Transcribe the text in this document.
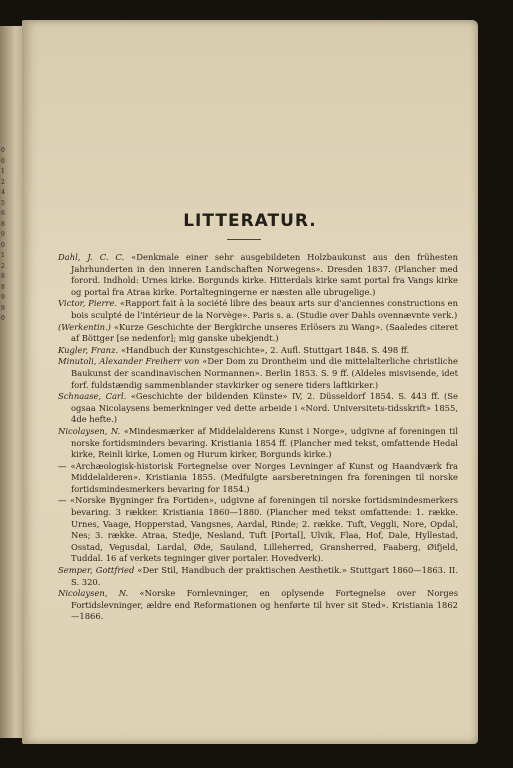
0
0
1
2
4
5
6
8
9
0
1
2
8
8
9
9
0
LITTERATUR.

Dahl, J. C. C. «Denkmale einer sehr ausgebildeten Holzbaukunst aus den frühesten Jahrhunderten in den inneren Landschaften Norwegens». Dresden 1837. (Plancher med forord. Indhold: Urnes kirke. Borgunds kirke. Hitterdals kirke samt portal fra Vangs kirke og portal fra Atraa kirke. Portaltegningerne er næsten alle ubrugelige.)

Victor, Pierre. «Rapport fait à la société libre des beaux arts sur d'anciennes constructions en bois sculpté de l'intérieur de la Norvège». Paris s. a. (Studie over Dahls ovennævnte verk.)

(Werkentin.) «Kurze Geschichte der Bergkirche unseres Erlösers zu Wang». (Saaledes citeret af Böttger [se nedenfor]; mig ganske ubekjendt.)

Kugler, Franz. «Handbuch der Kunstgeschichte», 2. Aufl. Stuttgart 1848. S. 498 ff.

Minutoli, Alexander Freiherr von «Der Dom zu Drontheim und die mittelalterliche christliche Baukunst der scandinavischen Normannen». Berlin 1853. S. 9 ff. (Aldeles misvisende, idet forf. fuldstændig sammenblander stavkirker og senere tiders laftkirker.)

Schnaase, Carl. «Geschichte der bildenden Künste» IV, 2. Düsseldorf 1854. S. 443 ff. (Se ogsaa Nicolaysens bemerkninger ved dette arbeide i «Nord. Universitets-tidsskrift» 1855, 4de hefte.)

Nicolaysen, N. «Mindesmærker af Middelalderens Kunst i Norge», udgivne af foreningen til norske fortidsminders bevaring. Kristiania 1854 ff. (Plancher med tekst, omfattende Hedal kirke, Reinli kirke, Lomen og Hurum kirker, Borgunds kirke.)

— «Archæologisk-historisk Fortegnelse over Norges Levninger af Kunst og Haandværk fra Middelalderen». Kristiania 1855. (Medfulgte aarsberetningen fra foreningen til norske fortidsmindesmerkers bevaring for 1854.)

— «Norske Bygninger fra Fortiden», udgivne af foreningen til norske fortidsmindesmerkers bevaring. 3 rækker. Kristiania 1860—1880. (Plancher med tekst omfattende: 1. række. Urnes, Vaage, Hopperstad, Vangsnes, Aardal, Rinde; 2. række. Tuft, Veggli, Nore, Opdal, Nes; 3. række. Atraa, Stedje, Nesland, Tuft [Portal], Ulvik, Flaa, Hof, Dale, Hyllestad, Osstad, Vegusdal, Lardal, Øde, Sauland, Lilleherred, Gransherred, Faaberg, Øifjeld, Tuddal. 16 af verkets tegninger giver portaler. Hovedverk).

Semper, Gottfried «Der Stil, Handbuch der praktischen Aesthetik.» Stuttgart 1860—1863. II. S. 320.

Nicolaysen, N. «Norske Fornlevninger, en oplysende Fortegnelse over Norges Fortidslevninger, ældre end Reformationen og henførte til hver sit Sted». Kristiania 1862—1866.
